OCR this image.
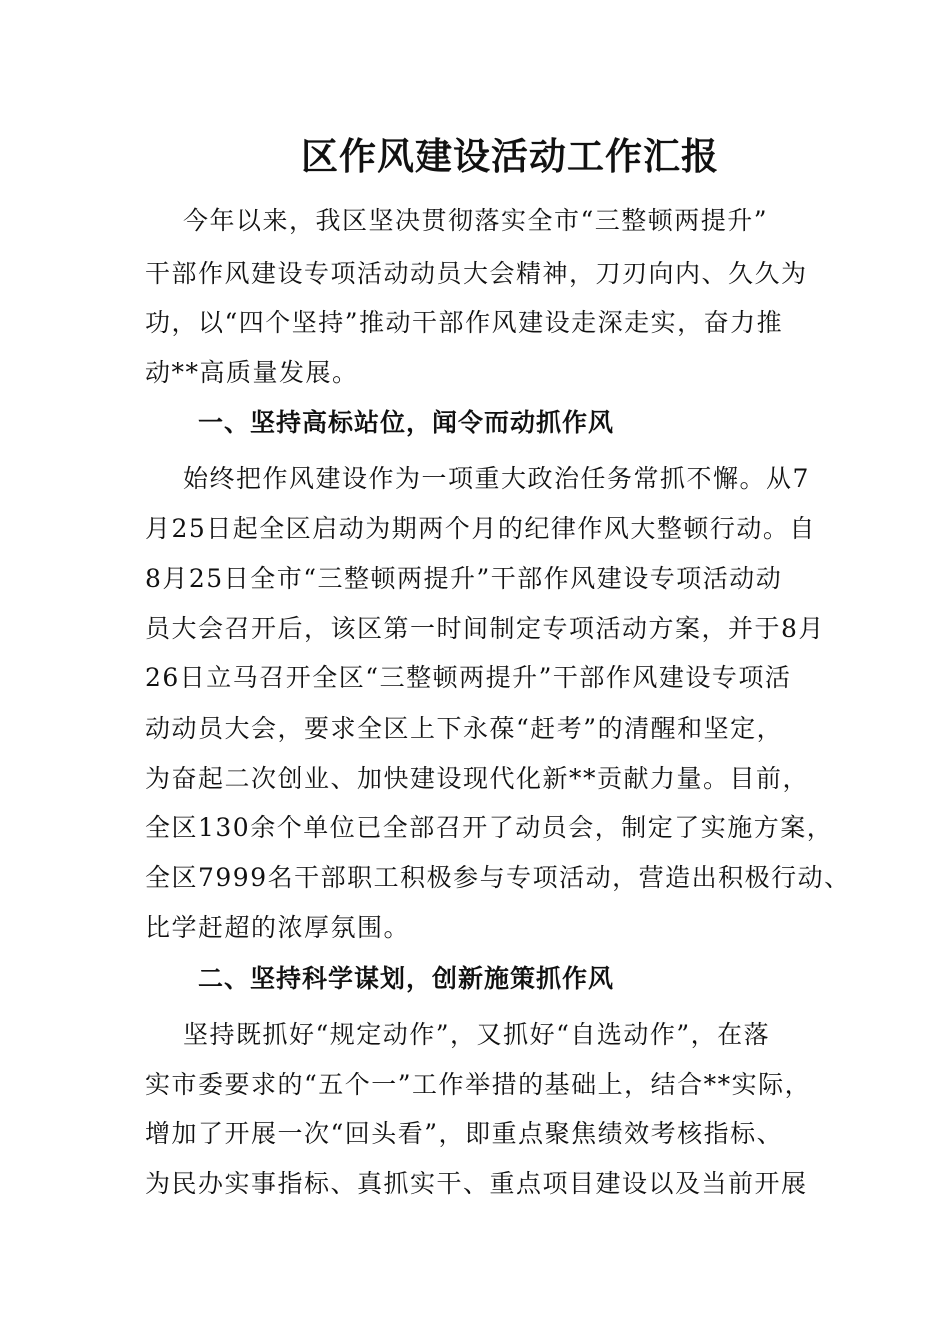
区作风建设活动工作汇报
今年以来，我区坚决贯彻落实全市“三整顿两提升”
干部作风建设专项活动动员大会精神，刀刃向内、久久为
功，以“四个坚持”推动干部作风建设走深走实，奋力推
动**高质量发展。
一、坚持高标站位，闻令而动抓作风
始终把作风建设作为一项重大政治任务常抓不懈。从7
月25日起全区启动为期两个月的纪律作风大整顿行动。自
8月25日全市“三整顿两提升”干部作风建设专项活动动
员大会召开后，该区第一时间制定专项活动方案，并于8月
26日立马召开全区“三整顿两提升”干部作风建设专项活
动动员大会，要求全区上下永葆“赶考”的清醒和坚定，
为奋起二次创业、加快建设现代化新**贡献力量。目前，
全区130余个单位已全部召开了动员会，制定了实施方案，
全区7999名干部职工积极参与专项活动，营造出积极行动、
比学赶超的浓厚氛围。
二、坚持科学谋划，创新施策抓作风
坚持既抓好“规定动作”，又抓好“自选动作”，在落
实市委要求的“五个一”工作举措的基础上，结合**实际，
增加了开展一次“回头看”，即重点聚焦绩效考核指标、
为民办实事指标、真抓实干、重点项目建设以及当前开展
